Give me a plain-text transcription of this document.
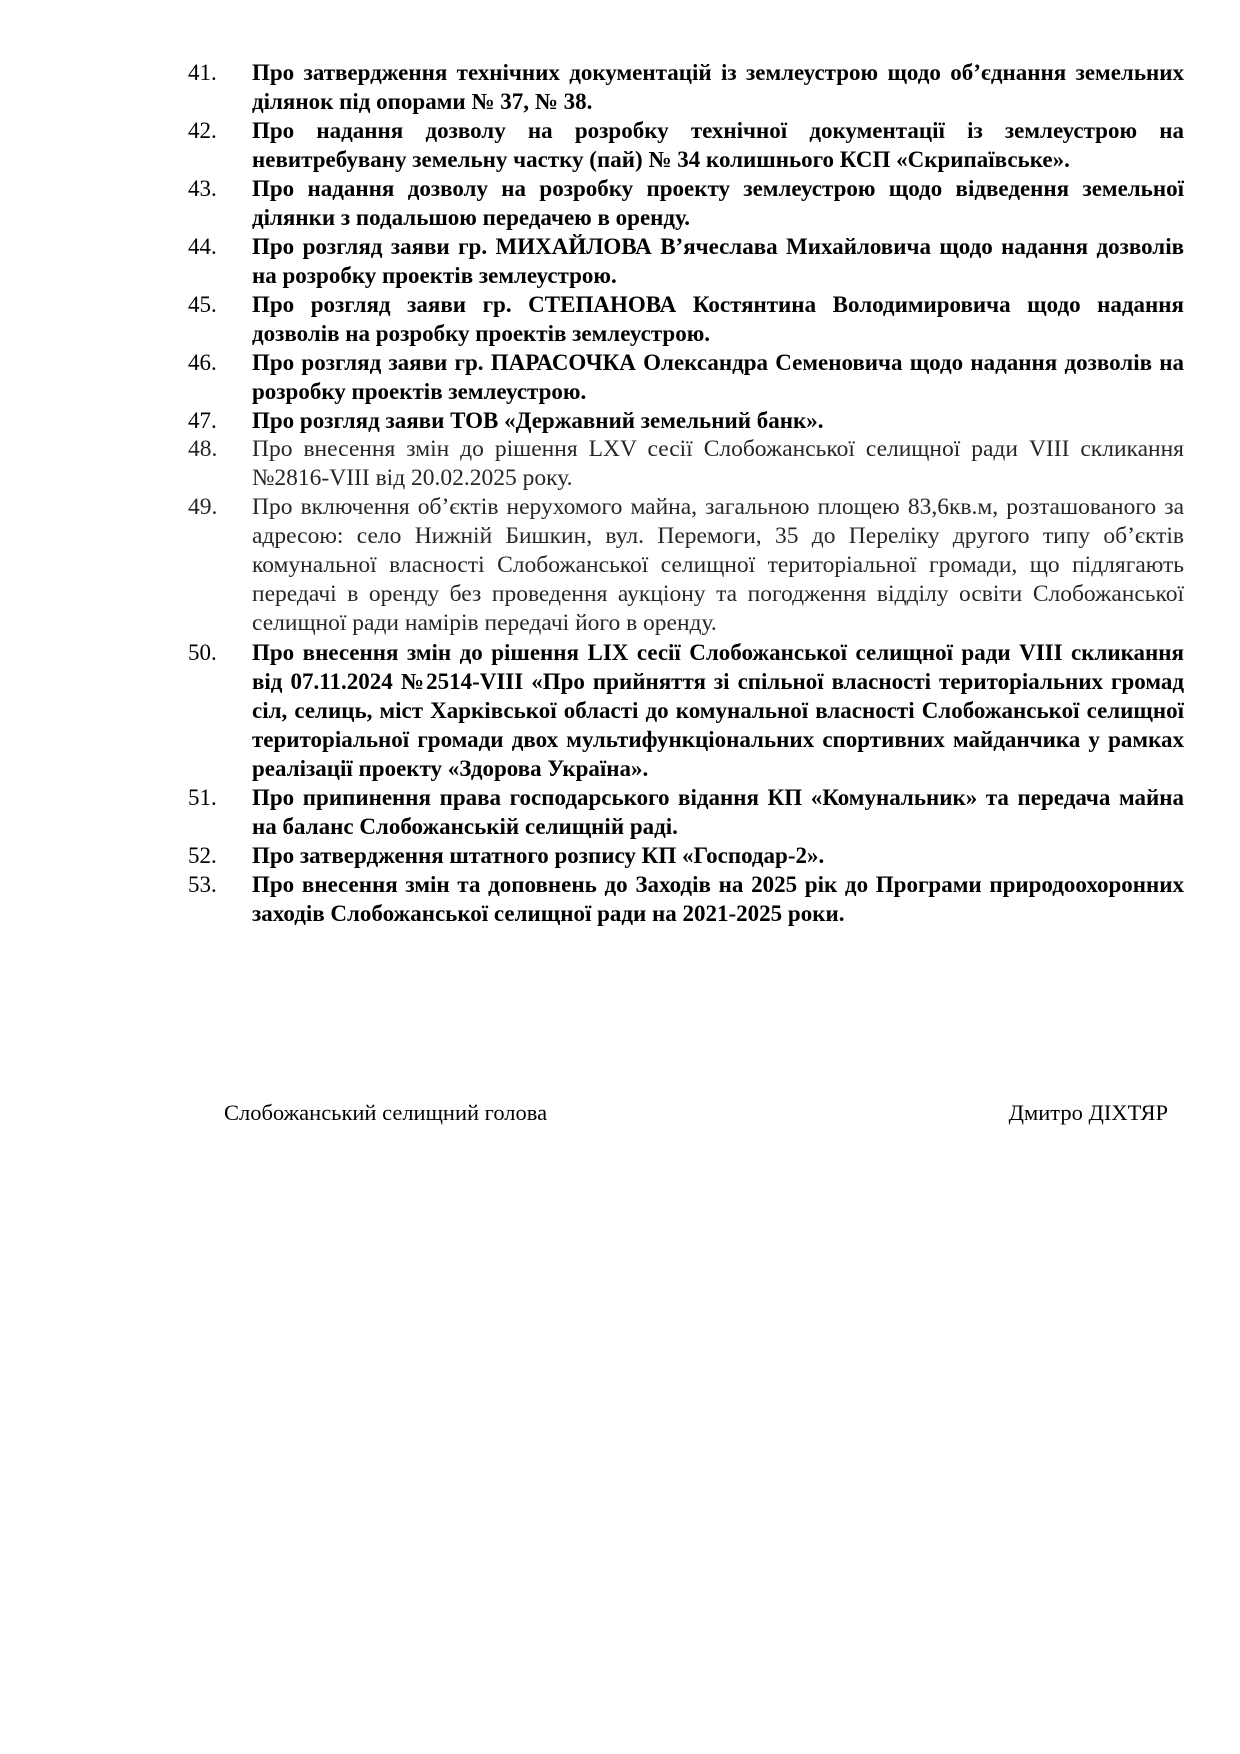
41.	Про затвердження технічних документацій із землеустрою щодо об’єднання земельних ділянок під опорами № 37, № 38.
42.	Про надання дозволу на розробку технічної документації із землеустрою на невитребувану земельну частку (пай) № 34 колишнього КСП «Скрипаївське».
43.	Про надання дозволу на розробку проекту землеустрою щодо відведення земельної ділянки з подальшою передачею в оренду.
44.	Про розгляд заяви гр. МИХАЙЛОВА В’ячеслава Михайловича щодо надання дозволів на розробку проектів землеустрою.
45.	Про розгляд заяви гр. СТЕПАНОВА Костянтина Володимировича щодо надання дозволів на розробку проектів землеустрою.
46.	Про розгляд заяви гр. ПАРАСОЧКА Олександра Семеновича щодо надання дозволів на розробку проектів землеустрою.
47.	Про розгляд заяви ТОВ «Державний земельний банк».
48.	Про внесення змін до рішення LXV сесії Слобожанської селищної ради VIII скликання №2816-VIII від 20.02.2025 року.
49.	Про включення об’єктів нерухомого майна, загальною площею 83,6кв.м, розташованого за адресою: село Нижній Бишкин, вул. Перемоги, 35 до Переліку другого типу об’єктів комунальної власності Слобожанської селищної територіальної громади, що підлягають передачі в оренду без проведення аукціону та погодження відділу освіти Слобожанської селищної ради намірів передачі його в оренду.
50.	Про внесення змін до рішення LIX сесії Слобожанської селищної ради VIII скликання від 07.11.2024 №2514-VIII «Про прийняття зі спільної власності територіальних громад сіл, селиць, міст Харківської області до комунальної власності Слобожанської селищної територіальної громади двох мультифункціональних спортивних майданчика у рамках реалізації проекту «Здорова Україна».
51.	Про припинення права господарського відання КП «Комунальник» та передача майна на баланс Слобожанській селищній раді.
52.	Про затвердження штатного розпису КП «Господар-2».
53.	Про внесення змін та доповнень до Заходів на 2025 рік до Програми природоохоронних заходів Слобожанської селищної ради на 2021-2025 роки.
Слобожанський селищний голова	Дмитро ДІХТЯР
